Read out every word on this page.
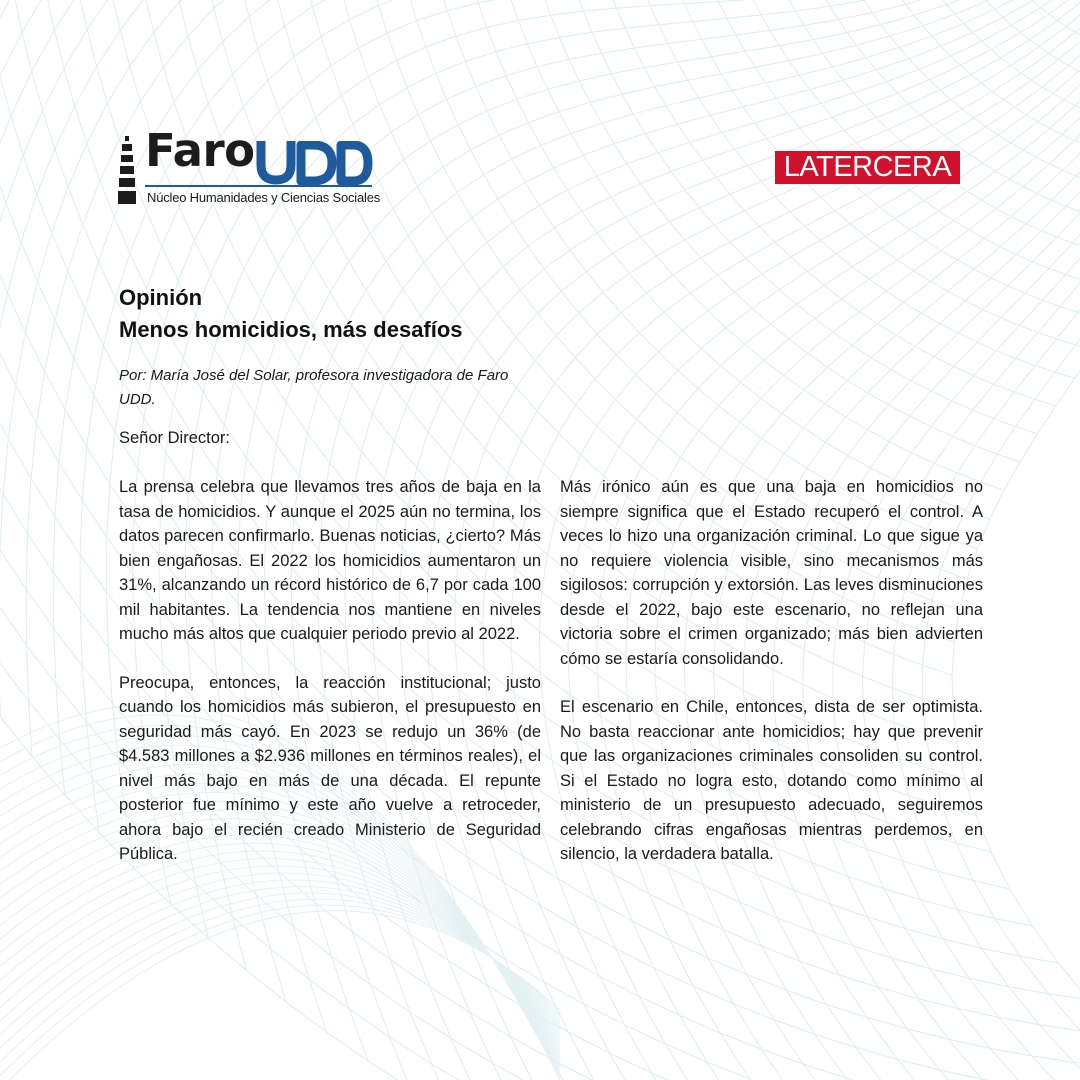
Faro
Núcleo Humanidades y Ciencias Sociales
LATERCERA
Opinión
Menos homicidios, más desafíos
Por: María José del Solar, profesora investigadora de Faro UDD.
Señor Director:

La prensa celebra que llevamos tres años de baja en la tasa de homicidios. Y aunque el 2025 aún no termina, los datos parecen confirmarlo. Buenas noticias, ¿cierto? Más bien engañosas. El 2022 los homicidios aumentaron un 31%, alcanzando un récord histórico de 6,7 por cada 100 mil habitantes. La tendencia nos mantiene en niveles mucho más altos que cualquier periodo previo al 2022.

Preocupa, entonces, la reacción institucional; justo cuando los homicidios más subieron, el presupuesto en seguridad más cayó. En 2023 se redujo un 36% (de $4.583 millones a $2.936 millones en términos reales), el nivel más bajo en más de una década. El repunte posterior fue mínimo y este año vuelve a retroceder, ahora bajo el recién creado Ministerio de Seguridad Pública.

Más irónico aún es que una baja en homicidios no siempre significa que el Estado recuperó el control. A veces lo hizo una organización criminal. Lo que sigue ya no requiere violencia visible, sino mecanismos más sigilosos: corrupción y extorsión. Las leves disminuciones desde el 2022, bajo este escenario, no reflejan una victoria sobre el crimen organizado; más bien advierten cómo se estaría consolidando.

El escenario en Chile, entonces, dista de ser optimista. No basta reaccionar ante homicidios; hay que prevenir que las organizaciones criminales consoliden su control. Si el Estado no logra esto, dotando como mínimo al ministerio de un presupuesto adecuado, seguiremos celebrando cifras engañosas mientras perdemos, en silencio, la verdadera batalla.
